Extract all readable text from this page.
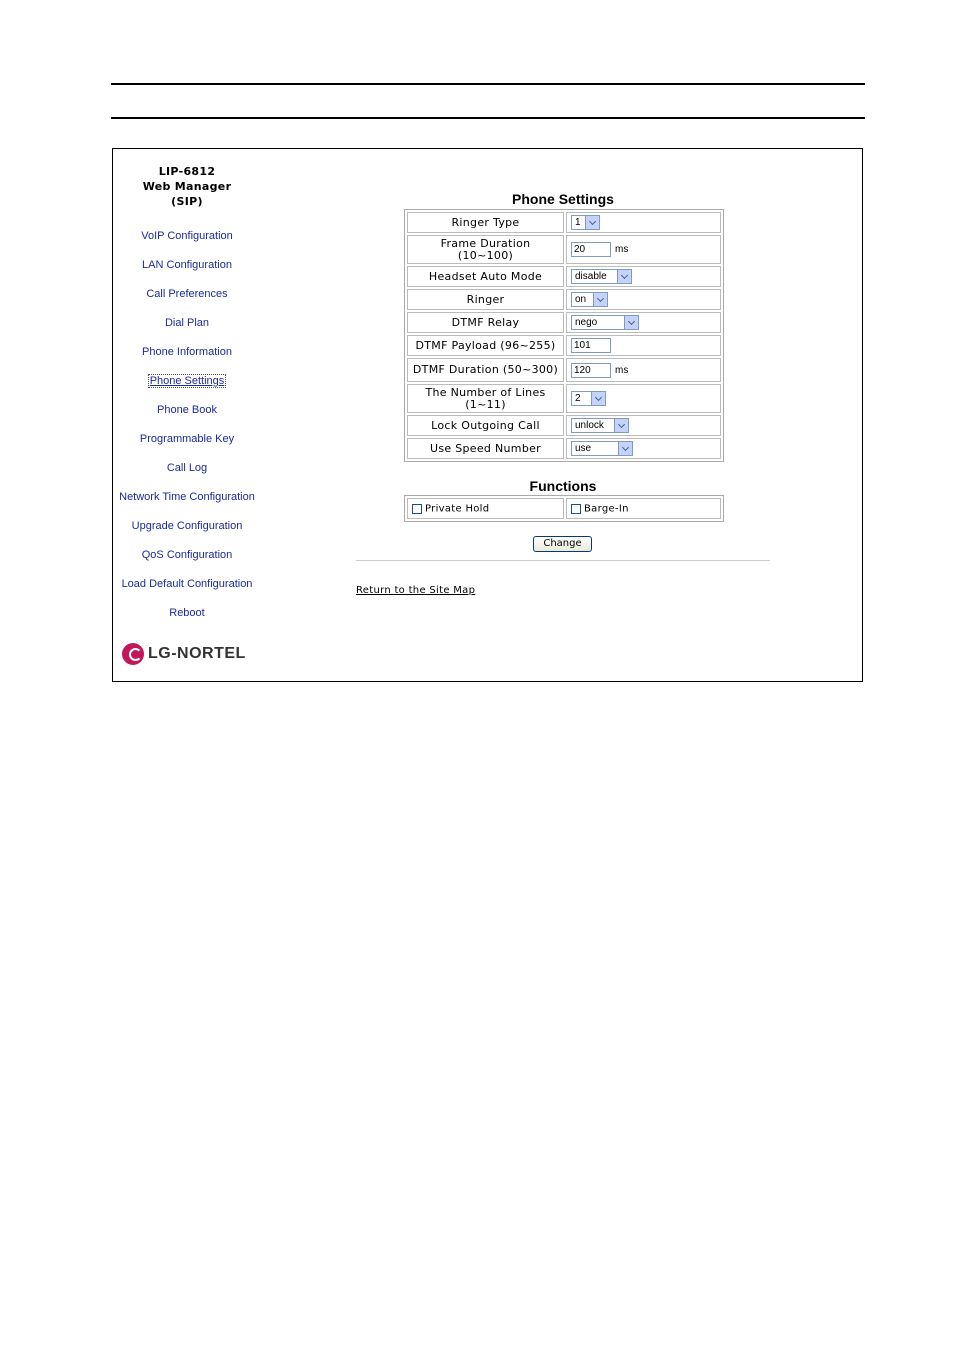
LIP-6812
Web Manager
(SIP)
VoIP Configuration
LAN Configuration
Call Preferences
Dial Plan
Phone Information
Phone Settings
Phone Book
Programmable Key
Call Log
Network Time Configuration
Upgrade Configuration
QoS Configuration
Load Default Configuration
Reboot
LG-NORTEL
Phone Settings
Ringer Type	1

Frame Duration
(10~100)	20 ms
Headset Auto Mode	disable

Ringer	on

DTMF Relay	nego

DTMF Payload (96~255)	101
DTMF Duration (50~300)	120 ms
The Number of Lines
(1~11)	2

Lock Outgoing Call	unlock

Use Speed Number	use
Functions
Private Hold	Barge-In
Change
Return to the Site Map
